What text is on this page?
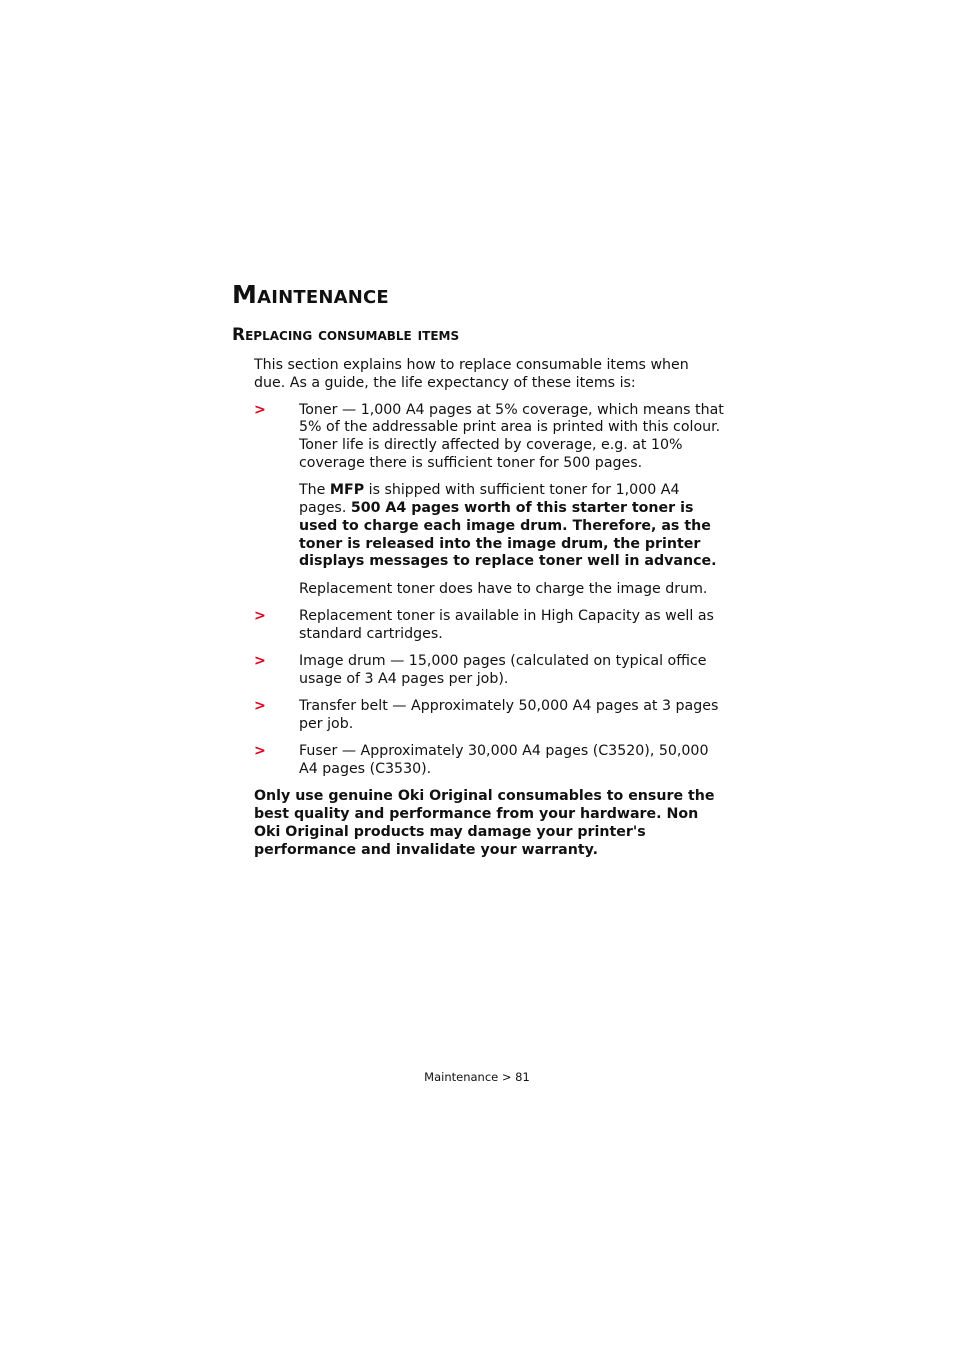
Maintenance
Replacing consumable items

This section explains how to replace consumable items when due. As a guide, the life expectancy of these items is:

>	Toner — 1,000 A4 pages at 5% coverage, which means that 5% of the addressable print area is printed with this colour. Toner life is directly affected by coverage, e.g. at 10% coverage there is sufficient toner for 500 pages.

The MFP is shipped with sufficient toner for 1,000 A4 pages. 500 A4 pages worth of this starter toner is used to charge each image drum. Therefore, as the toner is released into the image drum, the printer displays messages to replace toner well in advance.

Replacement toner does have to charge the image drum.

>	Replacement toner is available in High Capacity as well as standard cartridges.
>	Image drum — 15,000 pages (calculated on typical office usage of 3 A4 pages per job).
>	Transfer belt — Approximately 50,000 A4 pages at 3 pages per job.
>	Fuser — Approximately 30,000 A4 pages (C3520), 50,000 A4 pages (C3530).

Only use genuine Oki Original consumables to ensure the best quality and performance from your hardware. Non Oki Original products may damage your printer's performance and invalidate your warranty.

Maintenance > 81
